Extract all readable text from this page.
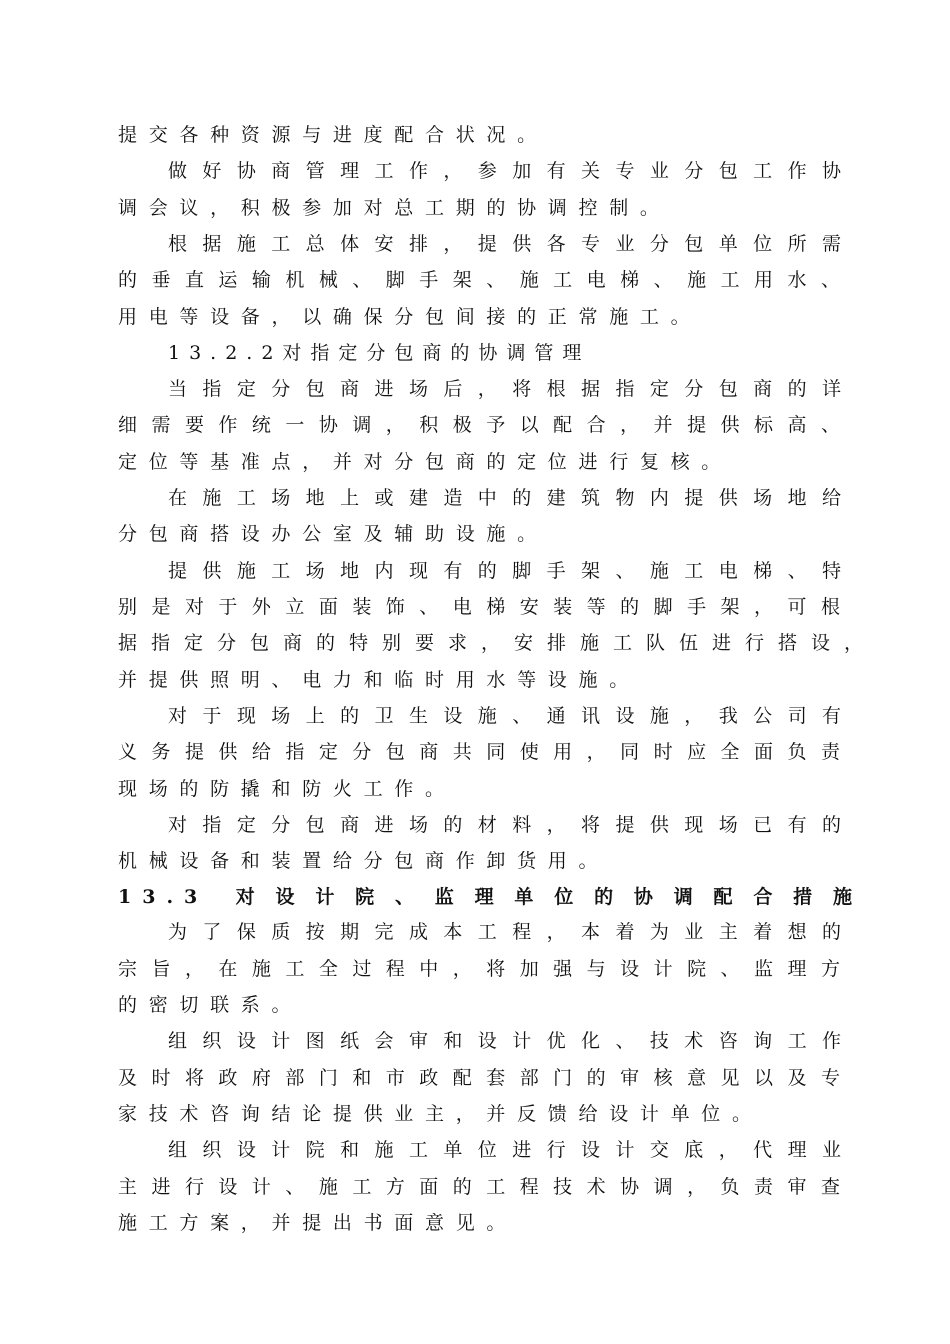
提交各种资源与进度配合状况。
做好协商管理工作，参加有关专业分包工作协
调会议，积极参加对总工期的协调控制。
根据施工总体安排，提供各专业分包单位所需
的垂直运输机械、脚手架、施工电梯、施工用水、
用电等设备，以确保分包间接的正常施工。
13.2.2对指定分包商的协调管理
当指定分包商进场后，将根据指定分包商的详
细需要作统一协调，积极予以配合，并提供标高、
定位等基准点，并对分包商的定位进行复核。
在施工场地上或建造中的建筑物内提供场地给
分包商搭设办公室及辅助设施。
提供施工场地内现有的脚手架、施工电梯、特
别是对于外立面装饰、电梯安装等的脚手架，可根
据指定分包商的特别要求，安排施工队伍进行搭设，
并提供照明、电力和临时用水等设施。
对于现场上的卫生设施、通讯设施，我公司有
义务提供给指定分包商共同使用，同时应全面负责
现场的防撬和防火工作。
对指定分包商进场的材料，将提供现场已有的
机械设备和装置给分包商作卸货用。
13.3 对设计院、监理单位的协调配合措施
为了保质按期完成本工程，本着为业主着想的
宗旨，在施工全过程中，将加强与设计院、监理方
的密切联系。
组织设计图纸会审和设计优化、技术咨询工作
及时将政府部门和市政配套部门的审核意见以及专
家技术咨询结论提供业主，并反馈给设计单位。
组织设计院和施工单位进行设计交底，代理业
主进行设计、施工方面的工程技术协调，负责审查
施工方案，并提出书面意见。
